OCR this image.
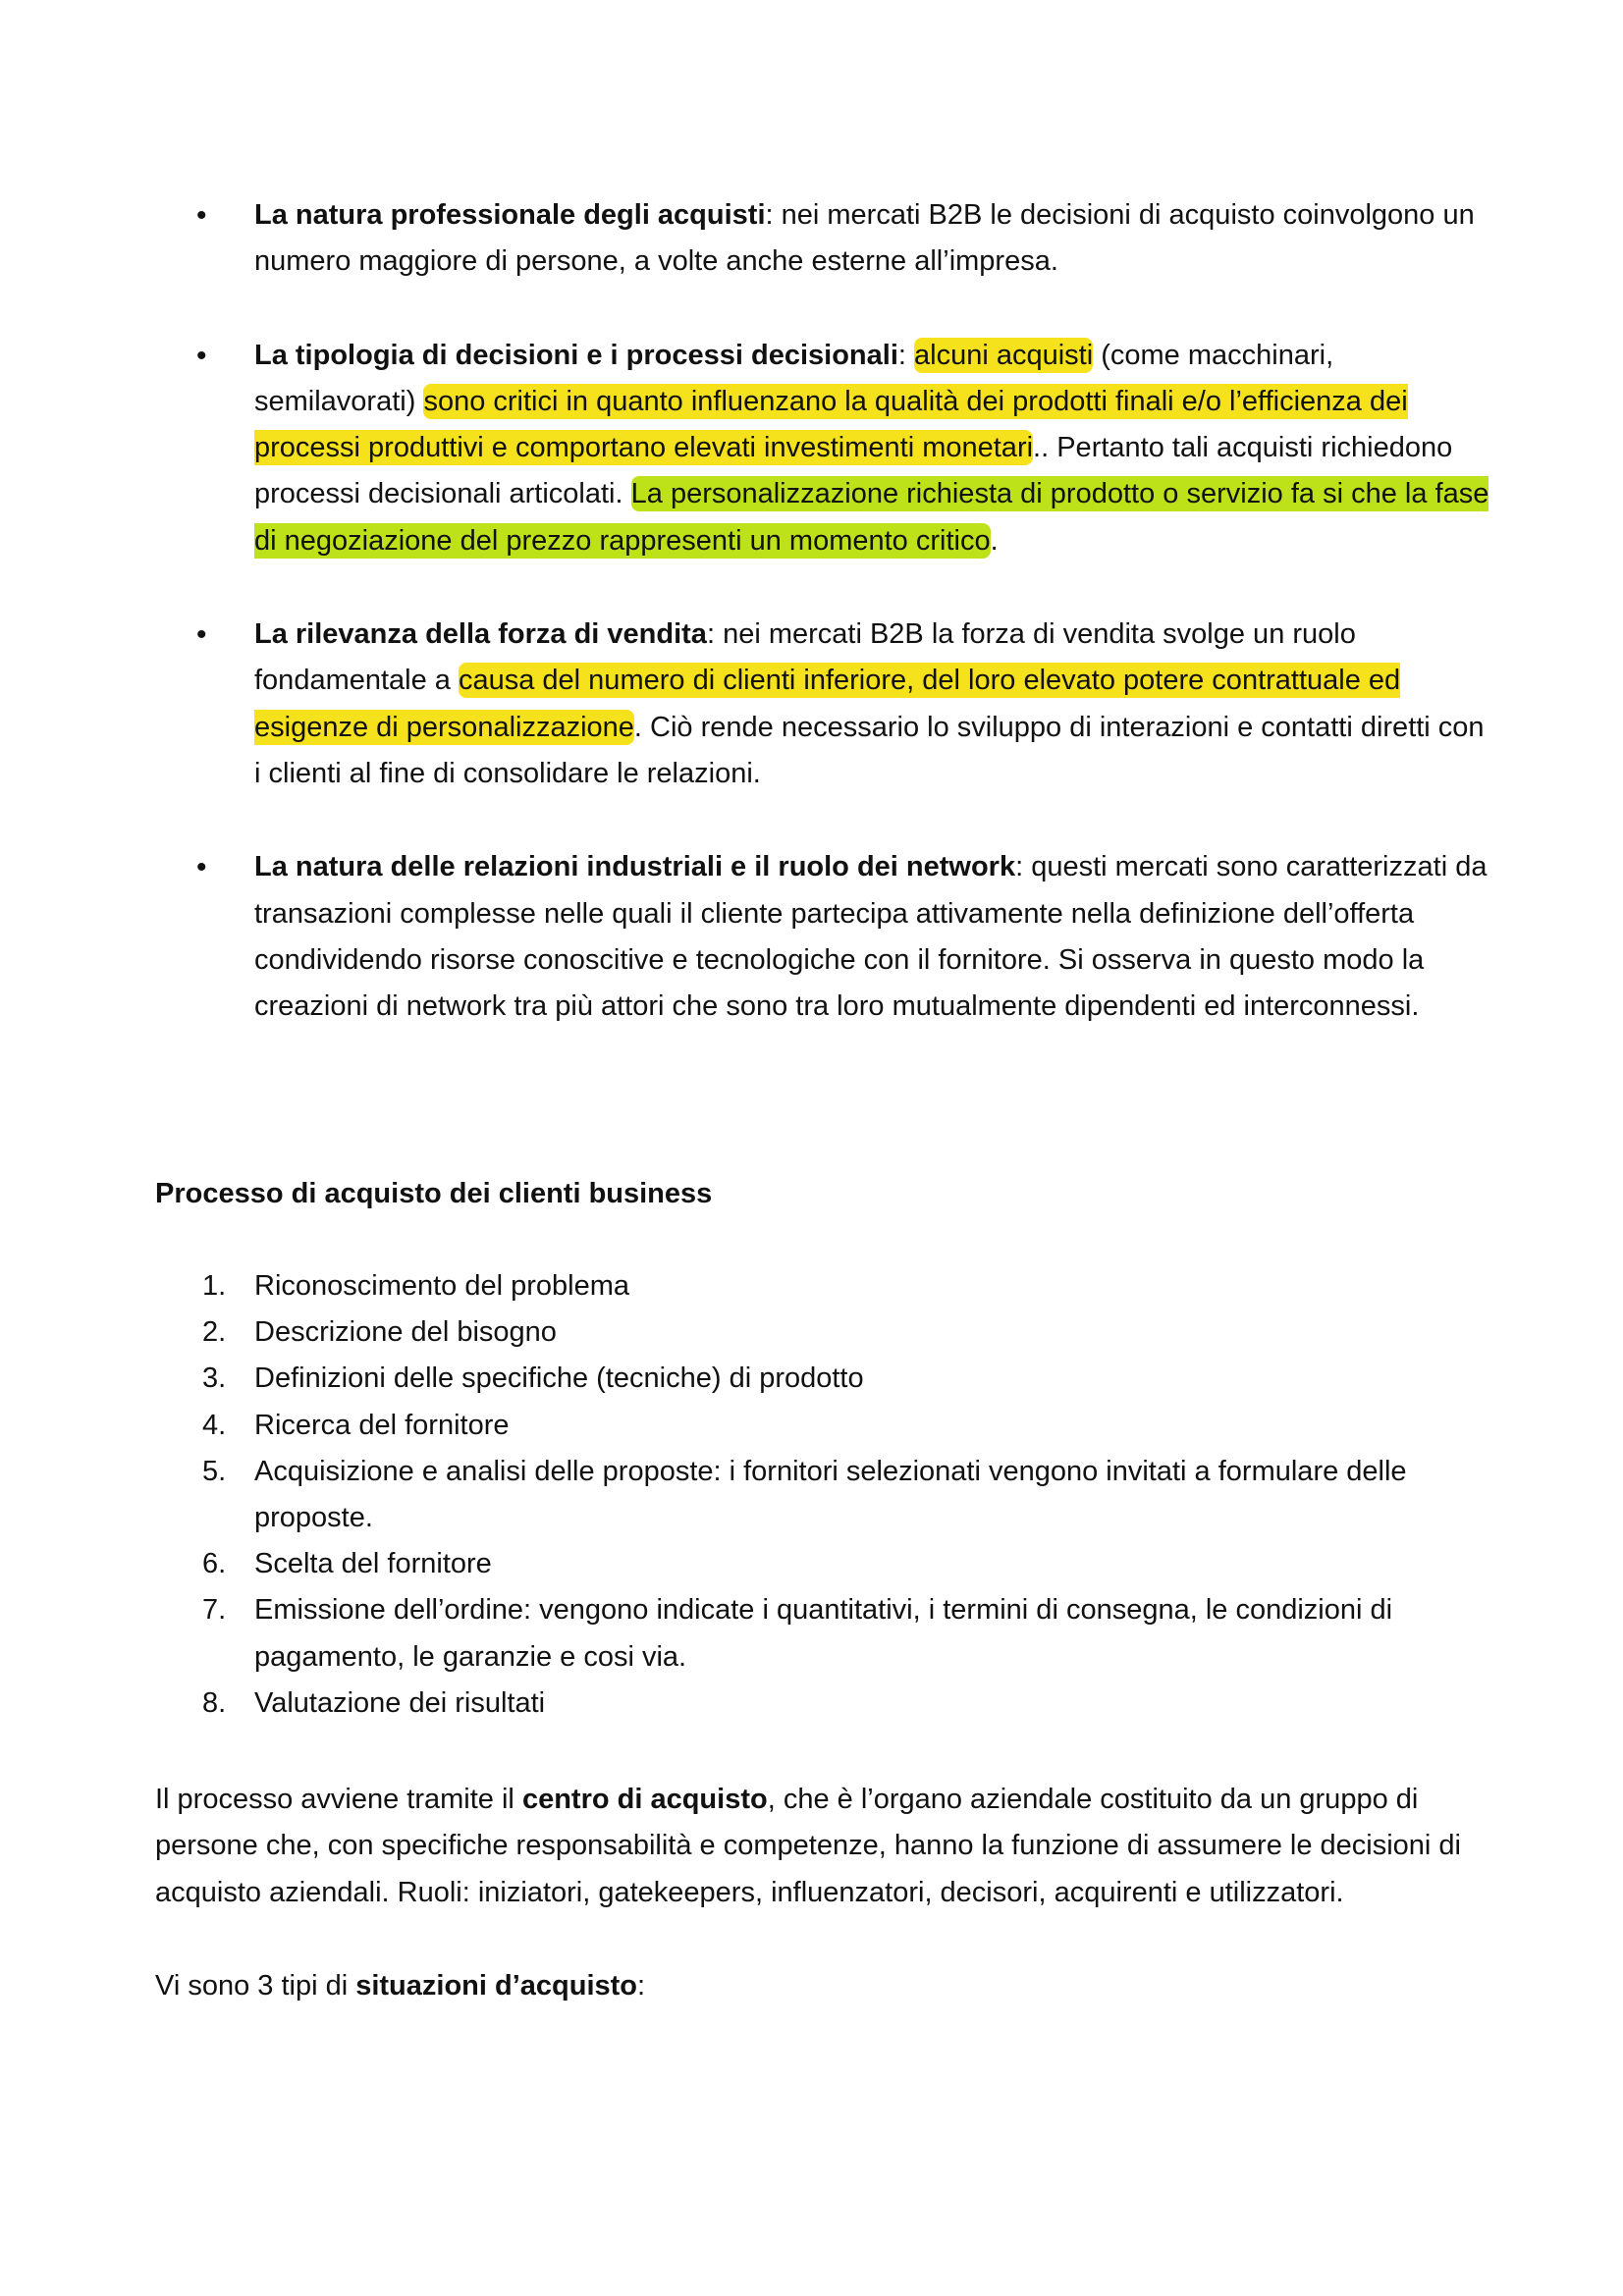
• La natura professionale degli acquisti: nei mercati B2B le decisioni di acquisto coinvolgono un numero maggiore di persone, a volte anche esterne all’impresa.
• La tipologia di decisioni e i processi decisionali: alcuni acquisti (come macchinari, semilavorati) sono critici in quanto influenzano la qualità dei prodotti finali e/o l’efficienza dei processi produttivi e comportano elevati investimenti monetari.. Pertanto tali acquisti richiedono processi decisionali articolati. La personalizzazione richiesta di prodotto o servizio fa si che la fase di negoziazione del prezzo rappresenti un momento critico.
• La rilevanza della forza di vendita: nei mercati B2B la forza di vendita svolge un ruolo fondamentale a causa del numero di clienti inferiore, del loro elevato potere contrattuale ed esigenze di personalizzazione. Ciò rende necessario lo sviluppo di interazioni e contatti diretti con i clienti al fine di consolidare le relazioni.
• La natura delle relazioni industriali e il ruolo dei network: questi mercati sono caratterizzati da transazioni complesse nelle quali il cliente partecipa attivamente nella definizione dell’offerta condividendo risorse conoscitive e tecnologiche con il fornitore. Si osserva in questo modo la creazioni di network tra più attori che sono tra loro mutualmente dipendenti ed interconnessi.
Processo di acquisto dei clienti business
1. Riconoscimento del problema
2. Descrizione del bisogno
3. Definizioni delle specifiche (tecniche) di prodotto
4. Ricerca del fornitore
5. Acquisizione e analisi delle proposte: i fornitori selezionati vengono invitati a formulare delle proposte.
6. Scelta del fornitore
7. Emissione dell’ordine: vengono indicate i quantitativi, i termini di consegna, le condizioni di pagamento, le garanzie e cosi via.
8. Valutazione dei risultati

Il processo avviene tramite il centro di acquisto, che è l’organo aziendale costituito da un gruppo di persone che, con specifiche responsabilità e competenze, hanno la funzione di assumere le decisioni di acquisto aziendali. Ruoli: iniziatori, gatekeepers, influenzatori, decisori, acquirenti e utilizzatori.

Vi sono 3 tipi di situazioni d’acquisto:
